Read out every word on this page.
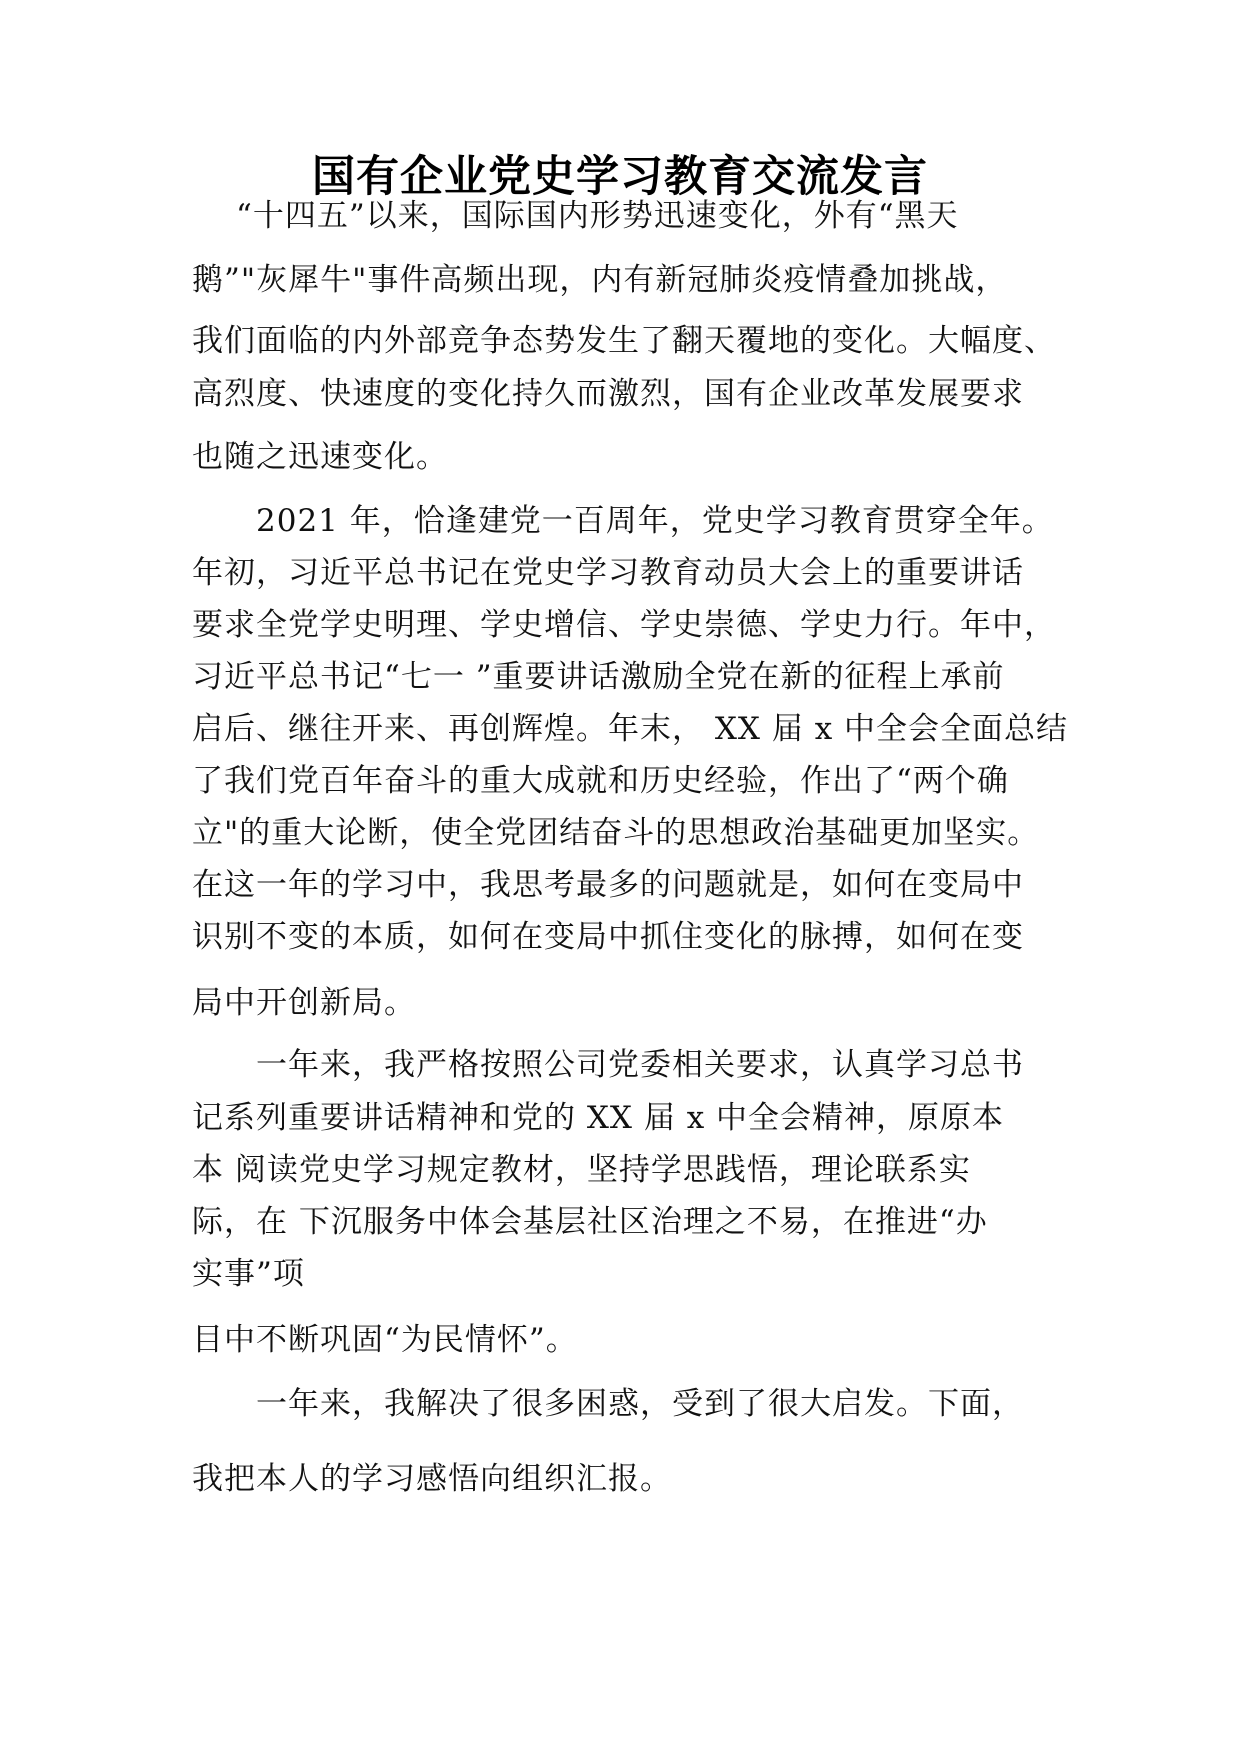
国有企业党史学习教育交流发言
“十四五”以来，国际国内形势迅速变化，外有“黑天
鹅”"灰犀牛"事件高频出现，内有新冠肺炎疫情叠加挑战，
我们面临的内外部竞争态势发生了翻天覆地的变化。大幅度、
高烈度、快速度的变化持久而激烈，国有企业改革发展要求
也随之迅速变化。
2021 年，恰逢建党一百周年，党史学习教育贯穿全年。
年初，习近平总书记在党史学习教育动员大会上的重要讲话
要求全党学史明理、学史增信、学史崇德、学史力行。年中，
习近平总书记“七一 ”重要讲话激励全党在新的征程上承前
启后、继往开来、再创辉煌。年末， XX 届 x 中全会全面总结
了我们党百年奋斗的重大成就和历史经验，作出了“两个确
立"的重大论断，使全党团结奋斗的思想政治基础更加坚实。
在这一年的学习中，我思考最多的问题就是，如何在变局中
识别不变的本质，如何在变局中抓住变化的脉搏，如何在变
局中开创新局。
一年来，我严格按照公司党委相关要求，认真学习总书
记系列重要讲话精神和党的 XX 届 x 中全会精神，原原本
本 阅读党史学习规定教材，坚持学思践悟，理论联系实
际，在 下沉服务中体会基层社区治理之不易，在推进“办
实事”项
目中不断巩固“为民情怀”。
一年来，我解决了很多困惑，受到了很大启发。下面，
我把本人的学习感悟向组织汇报。
